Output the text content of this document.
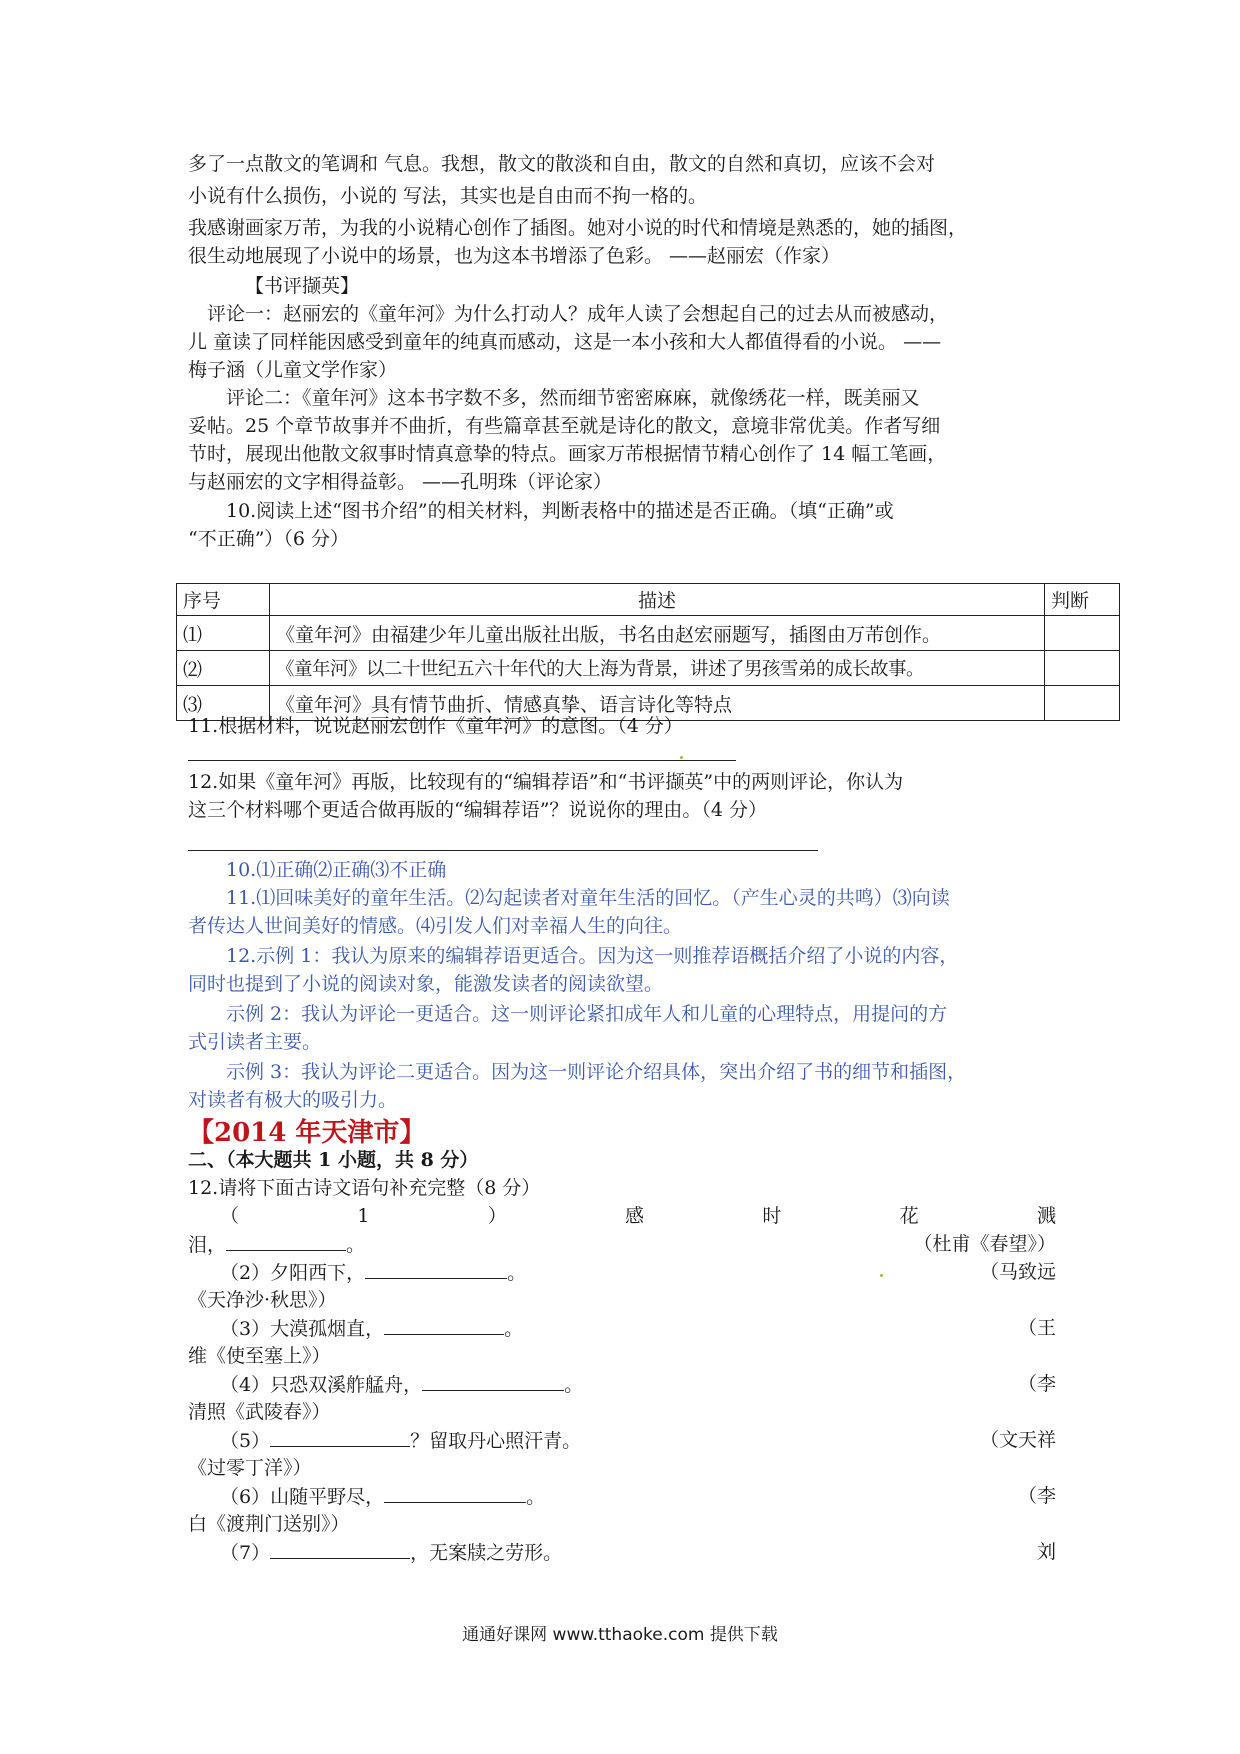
多了一点散文的笔调和 气息。我想，散文的散淡和自由，散文的自然和真切，应该不会对

小说有什么损伤，小说的 写法，其实也是自由而不拘一格的。

我感谢画家万芾，为我的小说精心创作了插图。她对小说的时代和情境是熟悉的，她的插图，

很生动地展现了小说中的场景，也为这本书增添了色彩。 ——赵丽宏（作家）

【书评撷英】

评论一：赵丽宏的《童年河》为什么打动人？成年人读了会想起自己的过去从而被感动，

儿 童读了同样能因感受到童年的纯真而感动，这是一本小孩和大人都值得看的小说。 ——

梅子涵（儿童文学作家）

评论二：《童年河》这本书字数不多，然而细节密密麻麻，就像绣花一样，既美丽又

妥帖。25 个章节故事并不曲折，有些篇章甚至就是诗化的散文，意境非常优美。作者写细

节时，展现出他散文叙事时情真意挚的特点。画家万芾根据情节精心创作了 14 幅工笔画，

与赵丽宏的文字相得益彰。 ——孔明珠（评论家）

10.阅读上述“图书介绍”的相关材料，判断表格中的描述是否正确。（填“正确”或

“不正确”）（6 分）

序号	描述	判断
⑴	《童年河》由福建少年儿童出版社出版，书名由赵宏丽题写，插图由万芾创作。	
⑵	《童年河》以二十世纪五六十年代的大上海为背景，讲述了男孩雪弟的成长故事。	
⑶	《童年河》具有情节曲折、情感真挚、语言诗化等特点	

11.根据材料，说说赵丽宏创作《童年河》的意图。（4 分）

12.如果《童年河》再版，比较现有的“编辑荐语”和“书评撷英”中的两则评论，你认为

这三个材料哪个更适合做再版的“编辑荐语”？说说你的理由。（4 分）

10.⑴正确⑵正确⑶不正确

11.⑴回味美好的童年生活。⑵勾起读者对童年生活的回忆。（产生心灵的共鸣）⑶向读

者传达人世间美好的情感。⑷引发人们对幸福人生的向往。

12.示例 1：我认为原来的编辑荐语更适合。因为这一则推荐语概括介绍了小说的内容，

同时也提到了小说的阅读对象，能激发读者的阅读欲望。

示例 2：我认为评论一更适合。这一则评论紧扣成年人和儿童的心理特点，用提问的方

式引读者主要。

示例 3：我认为评论二更适合。因为这一则评论介绍具体，突出介绍了书的细节和插图，

对读者有极大的吸引力。

【2014 年天津市】
二、（本大题共 1 小题，共 8 分）
12.请将下面古诗文语句补充完整（8 分）
（	1	）	感	时	花	溅
泪，	。	（杜甫《春望》）
（2）夕阳西下，	。	（马致远
《天净沙·秋思》）
（3）大漠孤烟直，	。	（王
维《使至塞上》）
（4）只恐双溪舴艋舟，	。	（李
清照《武陵春》）
（5）	？留取丹心照汗青。	（文天祥
《过零丁洋》）
（6）山随平野尽，	。	（李
白《渡荆门送别》）
（7）	，无案牍之劳形。	刘
通通好课网 www.tthaoke.com 提供下载
